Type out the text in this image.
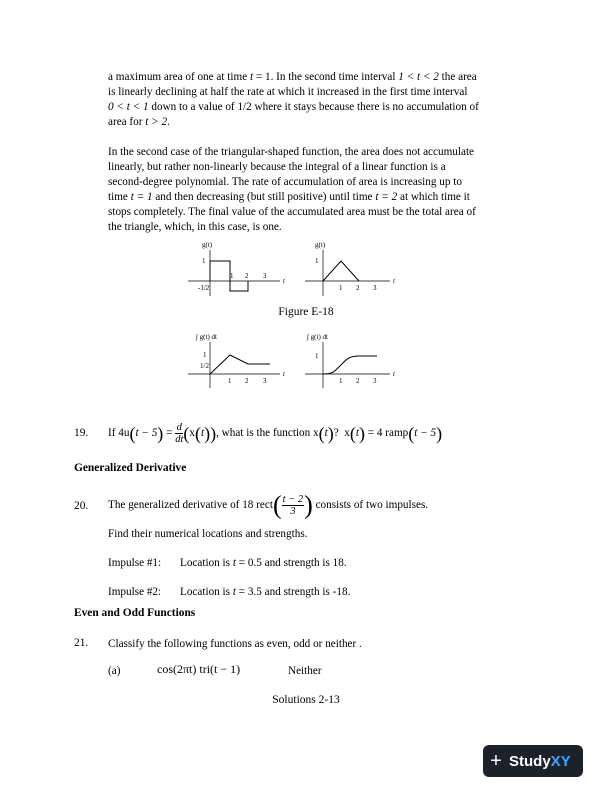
a maximum area of one at time t = 1. In the second time interval 1 < t < 2 the area
is linearly declining at half the rate at which it increased in the first time interval
0 < t < 1 down to a value of 1/2 where it stays because there is no accumulation of
area for t > 2.
In the second case of the triangular-shaped function, the area does not accumulate
linearly, but rather non-linearly because the integral of a linear function is a
second-degree polynomial. The rate of accumulation of area is increasing up to
time t = 1 and then decreasing (but still positive) until time t = 2 at which time it
stops completely. The final value of the accumulated area must be the total area of
the triangle, which, in this case, is one.
g(t)
t
1
-1/2
1 2 3
g(t)
t
1
1 2 3
Figure E-18
∫ g(t) dt
t
1
1/2
1 2 3
∫ g(t) dt
t
1
1 2 3
19. If $4u(t - 5) = \frac{d}{dt} (x(t))$, what is the function x(t)? x(t) = 4 ramp(t − 5)
Generalized Derivative
20. The generalized derivative of 18 rect( $\frac{t - 2}{3}$ ) consists of two impulses.
Find their numerical locations and strengths.
Impulse #1: Location is t = 0.5 and strength is 18.
Impulse #2: Location is t = 3.5 and strength is -18.
Even and Odd Functions
21. Classify the following functions as even, odd or neither .
(a)	cos(2πt) tri(t − 1)	Neither
Solutions 2-13
+ Study XY
